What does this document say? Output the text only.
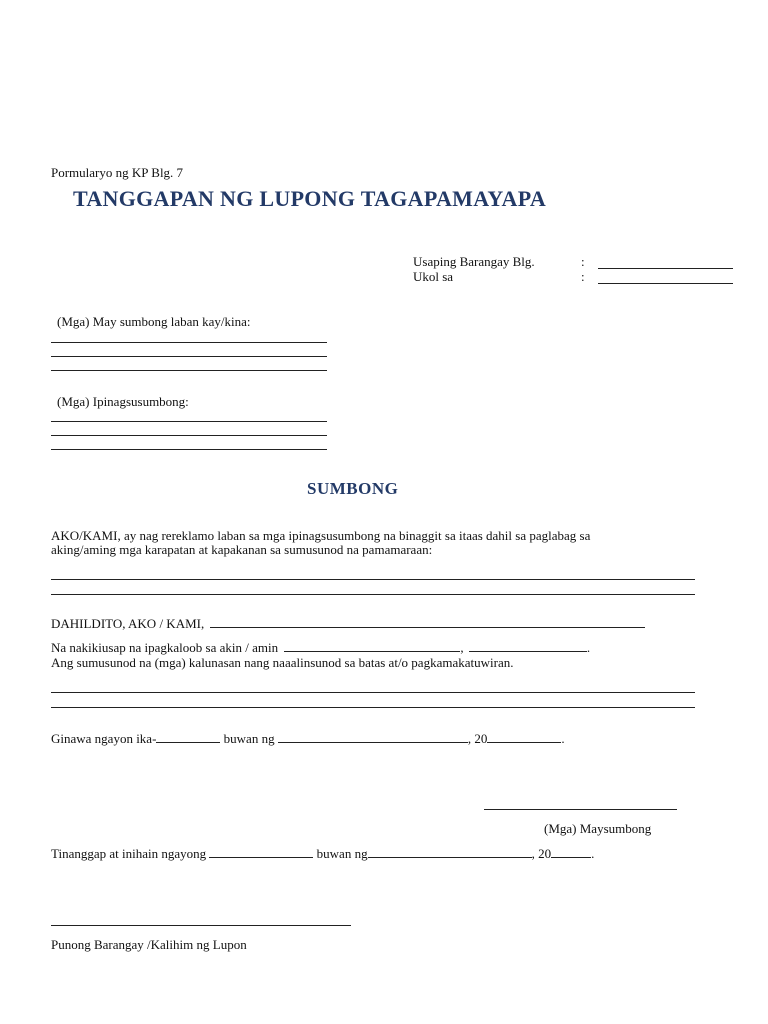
Pormularyo ng KP Blg. 7
TANGGAPAN NG LUPONG TAGAPAMAYAPA
Usaping Barangay Blg.	:
Ukol sa	:
(Mga) May sumbong laban kay/kina:
(Mga) Ipinagsusumbong:
SUMBONG
AKO/KAMI, ay nag rereklamo laban sa mga ipinagsusumbong na binaggit sa itaas dahil sa paglabag sa
aking/aming mga karapatan at kapakanan sa sumusunod na pamamaraan:
DAHILDITO, AKO / KAMI,
Na nakikiusap na ipagkaloob sa akin / amin	,	.
Ang sumusunod na (mga) kalunasan nang naaalinsunod sa batas at/o pagkamakatuwiran.
Ginawa ngayon ika-	buwan ng	, 20	.
(Mga) Maysumbong
Tinanggap at inihain ngayong	buwan ng	, 20	.
Punong Barangay /Kalihim ng Lupon
